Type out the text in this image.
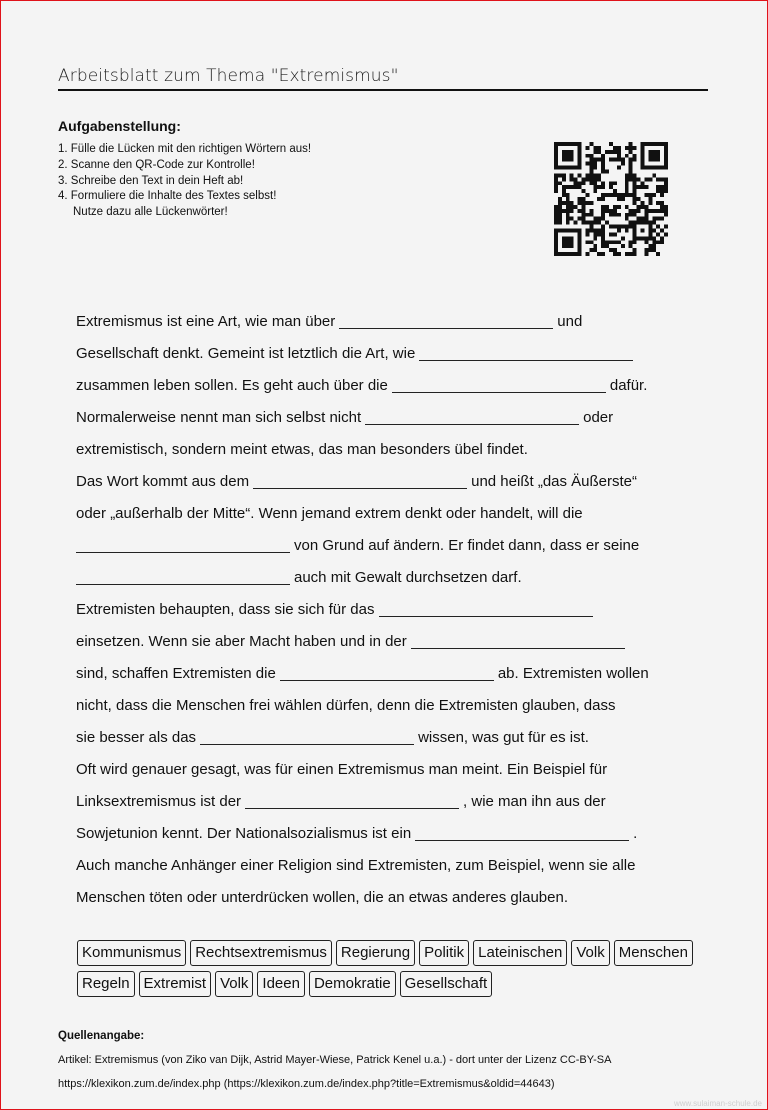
Arbeitsblatt zum Thema "Extremismus"
Aufgabenstellung:
1. Fülle die Lücken mit den richtigen Wörtern aus!
2. Scanne den QR-Code zur Kontrolle!
3. Schreibe den Text in dein Heft ab!
4. Formuliere die Inhalte des Textes selbst!
Nutze dazu alle Lückenwörter!

Extremismus ist eine Art, wie man über	und
Gesellschaft denkt. Gemeint ist letztlich die Art, wie
zusammen leben sollen. Es geht auch über die	dafür.
Normalerweise nennt man sich selbst nicht	oder
extremistisch, sondern meint etwas, das man besonders übel findet.
Das Wort kommt aus dem	und heißt „das Äußerste“
oder „außerhalb der Mitte“. Wenn jemand extrem denkt oder handelt, will die
von Grund auf ändern. Er findet dann, dass er seine
auch mit Gewalt durchsetzen darf.
Extremisten behaupten, dass sie sich für das
einsetzen. Wenn sie aber Macht haben und in der
sind, schaffen Extremisten die	ab. Extremisten wollen
nicht, dass die Menschen frei wählen dürfen, denn die Extremisten glauben, dass
sie besser als das	wissen, was gut für es ist.
Oft wird genauer gesagt, was für einen Extremismus man meint. Ein Beispiel für
Linksextremismus ist der	, wie man ihn aus der
Sowjetunion kennt. Der Nationalsozialismus ist ein	.
Auch manche Anhänger einer Religion sind Extremisten, zum Beispiel, wenn sie alle
Menschen töten oder unterdrücken wollen, die an etwas anderes glauben.

Kommunismus Rechtsextremismus Regierung Politik Lateinischen Volk Menschen
Regeln Extremist Volk Ideen Demokratie Gesellschaft
Quellenangabe:
Artikel: Extremismus (von Ziko van Dijk, Astrid Mayer-Wiese, Patrick Kenel u.a.) - dort unter der Lizenz CC-BY-SA
https://klexikon.zum.de/index.php (https://klexikon.zum.de/index.php?title=Extremismus&oldid=44643)
www.sulaiman-schule.de
